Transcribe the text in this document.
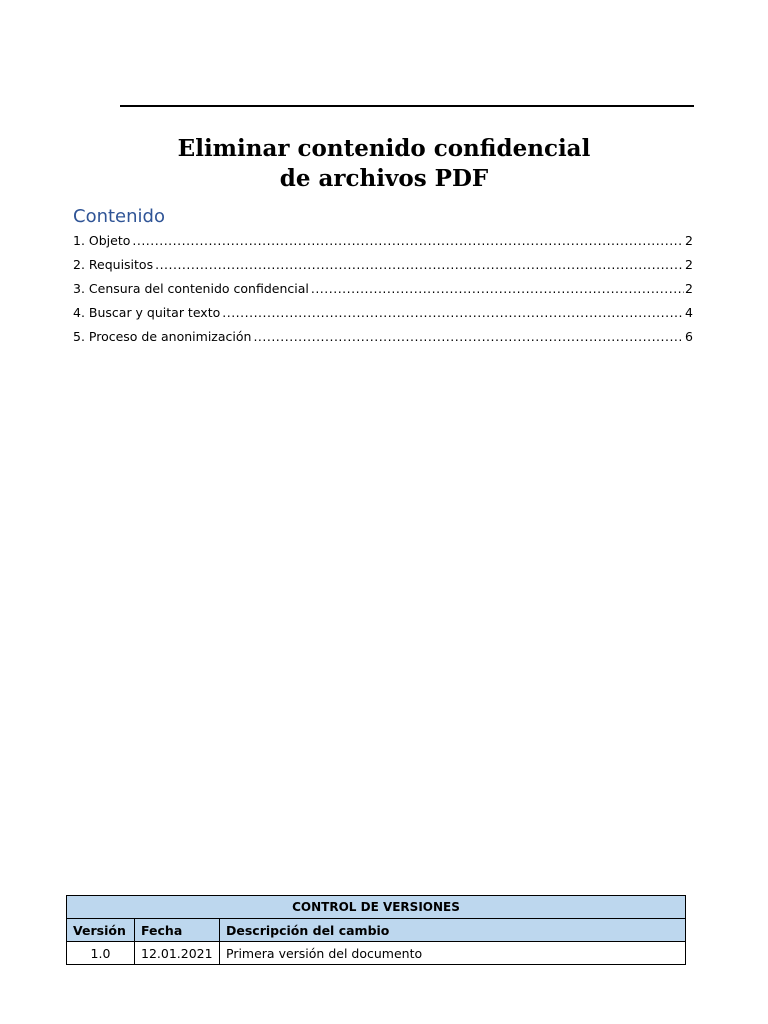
Eliminar contenido confidencial
de archivos PDF
Contenido
1. Objeto .....	2
2. Requisitos .....	2
3. Censura del contenido confidencial .....	2
4. Buscar y quitar texto .....	4
5. Proceso de anonimización .....	6
CONTROL DE VERSIONES		
Versión	Fecha	Descripción del cambio
1.0	12.01.2021	Primera versión del documento
